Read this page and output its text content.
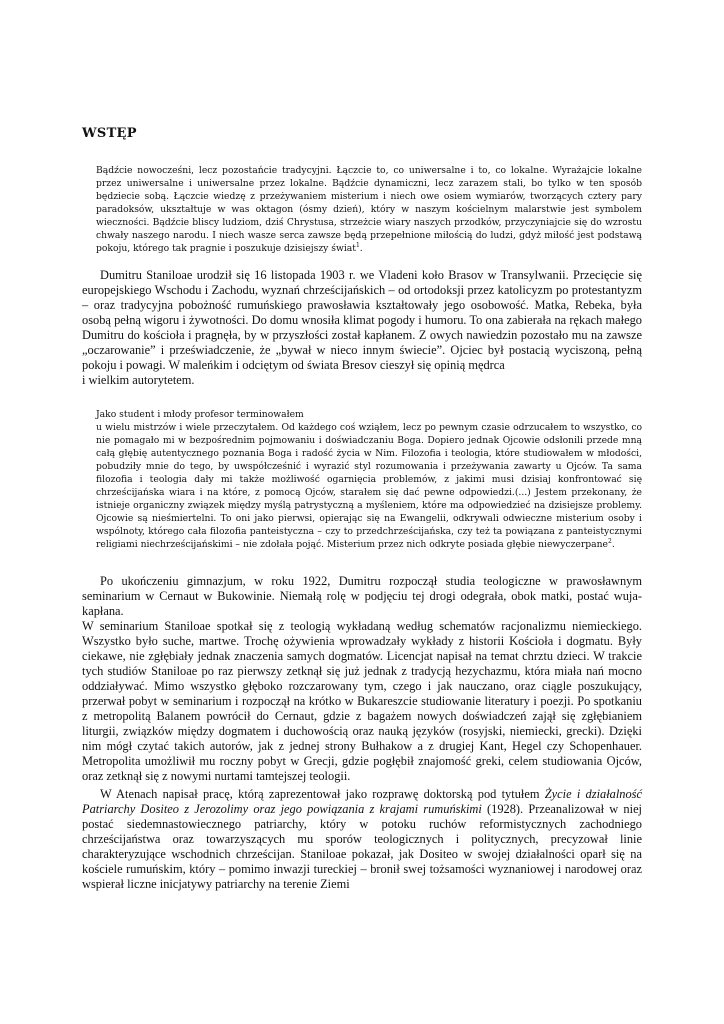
WSTĘP

Bądźcie nowocześni, lecz pozostańcie tradycyjni. Łączcie to, co uniwersalne i to, co lokalne. Wyrażajcie lokalne przez uniwersalne i uniwersalne przez lokalne. Bądźcie dynamiczni, lecz zarazem stali, bo tylko w ten sposób będziecie sobą. Łączcie wiedzę z przeżywaniem misterium i niech owe osiem wymiarów, tworzących cztery pary paradoksów, ukształtuje w was oktagon (ósmy dzień), który w naszym kościelnym malarstwie jest symbolem wieczności. Bądźcie bliscy ludziom, dziś Chrystusa, strzeżcie wiary naszych przodków, przyczyniajcie się do wzrostu chwały naszego narodu. I niech wasze serca zawsze będą przepełnione miłością do ludzi, gdyż miłość jest podstawą pokoju, którego tak pragnie i poszukuje dzisiejszy świat$^1$.

Dumitru Staniloae urodził się 16 listopada 1903 r. we Vladeni koło Brasov w Transylwanii. Przecięcie się europejskiego Wschodu i Zachodu, wyznań chrześcijańskich – od ortodoksji przez katolicyzm po protestantyzm – oraz tradycyjna pobożność rumuńskiego prawosławia kształtowały jego osobowość. Matka, Rebeka, była osobą pełną wigoru i żywotności. Do domu wnosiła klimat pogody i humoru. To ona zabierała na rękach małego Dumitru do kościoła i pragnęła, by w przyszłości został kapłanem. Z owych nawiedzin pozostało mu na zawsze „oczarowanie” i przeświadczenie, że „bywał w nieco innym świecie”. Ojciec był postacią wyciszoną, pełną pokoju i powagi. W maleńkim i odciętym od świata Bresov cieszył się opinią mędrca

i wielkim autorytetem.

Jako student i młody profesor terminowałem
u wielu mistrzów i wiele przeczytałem. Od każdego coś wziąłem, lecz po pewnym czasie odrzucałem to wszystko, co nie pomagało mi w bezpośrednim pojmowaniu i doświadczaniu Boga. Dopiero jednak Ojcowie odsłonili przede mną całą głębię autentycznego poznania Boga i radość życia w Nim. Filozofia i teologia, które studiowałem w młodości, pobudziły mnie do tego, by uwspółcześnić i wyrazić styl rozumowania i przeżywania zawarty u Ojców. Ta sama filozofia i teologia dały mi także możliwość ogarnięcia problemów, z jakimi musi dzisiaj konfrontować się chrześcijańska wiara i na które, z pomocą Ojców, starałem się dać pewne odpowiedzi.(...) Jestem przekonany, że istnieje organiczny związek między myślą patrystyczną a myśleniem, które ma odpowiedzieć na dzisiejsze problemy. Ojcowie są nieśmiertelni. To oni jako pierwsi, opierając się na Ewangelii, odkrywali odwieczne misterium osoby i wspólnoty, którego cała filozofia panteistyczna – czy to przedchrześcijańska, czy też ta powiązana z panteistycznymi religiami niechrześcijańskimi – nie zdołała pojąć. Misterium przez nich odkryte posiada głębie niewyczerpane$^2$.

Po ukończeniu gimnazjum, w roku 1922, Dumitru rozpoczął studia teologiczne w prawosławnym seminarium w Cernaut w Bukowinie. Niemałą rolę w podjęciu tej drogi odegrała, obok matki, postać wuja-kapłana.

W seminarium Staniloae spotkał się z teologią wykładaną według schematów racjonalizmu niemieckiego. Wszystko było suche, martwe. Trochę ożywienia wprowadzały wykłady z historii Kościoła i dogmatu. Były ciekawe, nie zgłębiały jednak znaczenia samych dogmatów. Licencjat napisał na temat chrztu dzieci. W trakcie tych studiów Staniloae po raz pierwszy zetknął się już jednak z tradycją hezychazmu, która miała nań mocno oddziaływać. Mimo wszystko głęboko rozczarowany tym, czego i jak nauczano, oraz ciągle poszukujący, przerwał pobyt w seminarium i rozpoczął na krótko w Bukareszcie studiowanie literatury i poezji. Po spotkaniu z metropolitą Balanem powrócił do Cernaut, gdzie z bagażem nowych doświadczeń zajął się zgłębianiem liturgii, związków między dogmatem i duchowością oraz nauką języków (rosyjski, niemiecki, grecki). Dzięki nim mógł czytać takich autorów, jak z jednej strony Bułhakow a z drugiej Kant, Hegel czy Schopenhauer. Metropolita umożliwił mu roczny pobyt w Grecji, gdzie pogłębił znajomość greki, celem studiowania Ojców, oraz zetknął się z nowymi nurtami tamtejszej teologii.

W Atenach napisał pracę, którą zaprezentował jako rozprawę doktorską pod tytułem Życie i działalność Patriarchy Dositeo z Jerozolimy oraz jego powiązania z krajami rumuńskimi (1928). Przeanalizował w niej postać siedemnastowiecznego patriarchy, który w potoku ruchów reformistycznych zachodniego chrześcijaństwa oraz towarzyszących mu sporów teologicznych i politycznych, precyzował linie charakteryzujące wschodnich chrześcijan. Staniloae pokazał, jak Dositeo w swojej działalności oparł się na kościele rumuńskim, który – pomimo inwazji tureckiej – bronił swej tożsamości wyznaniowej i narodowej oraz wspierał liczne inicjatywy patriarchy na terenie Ziemi
